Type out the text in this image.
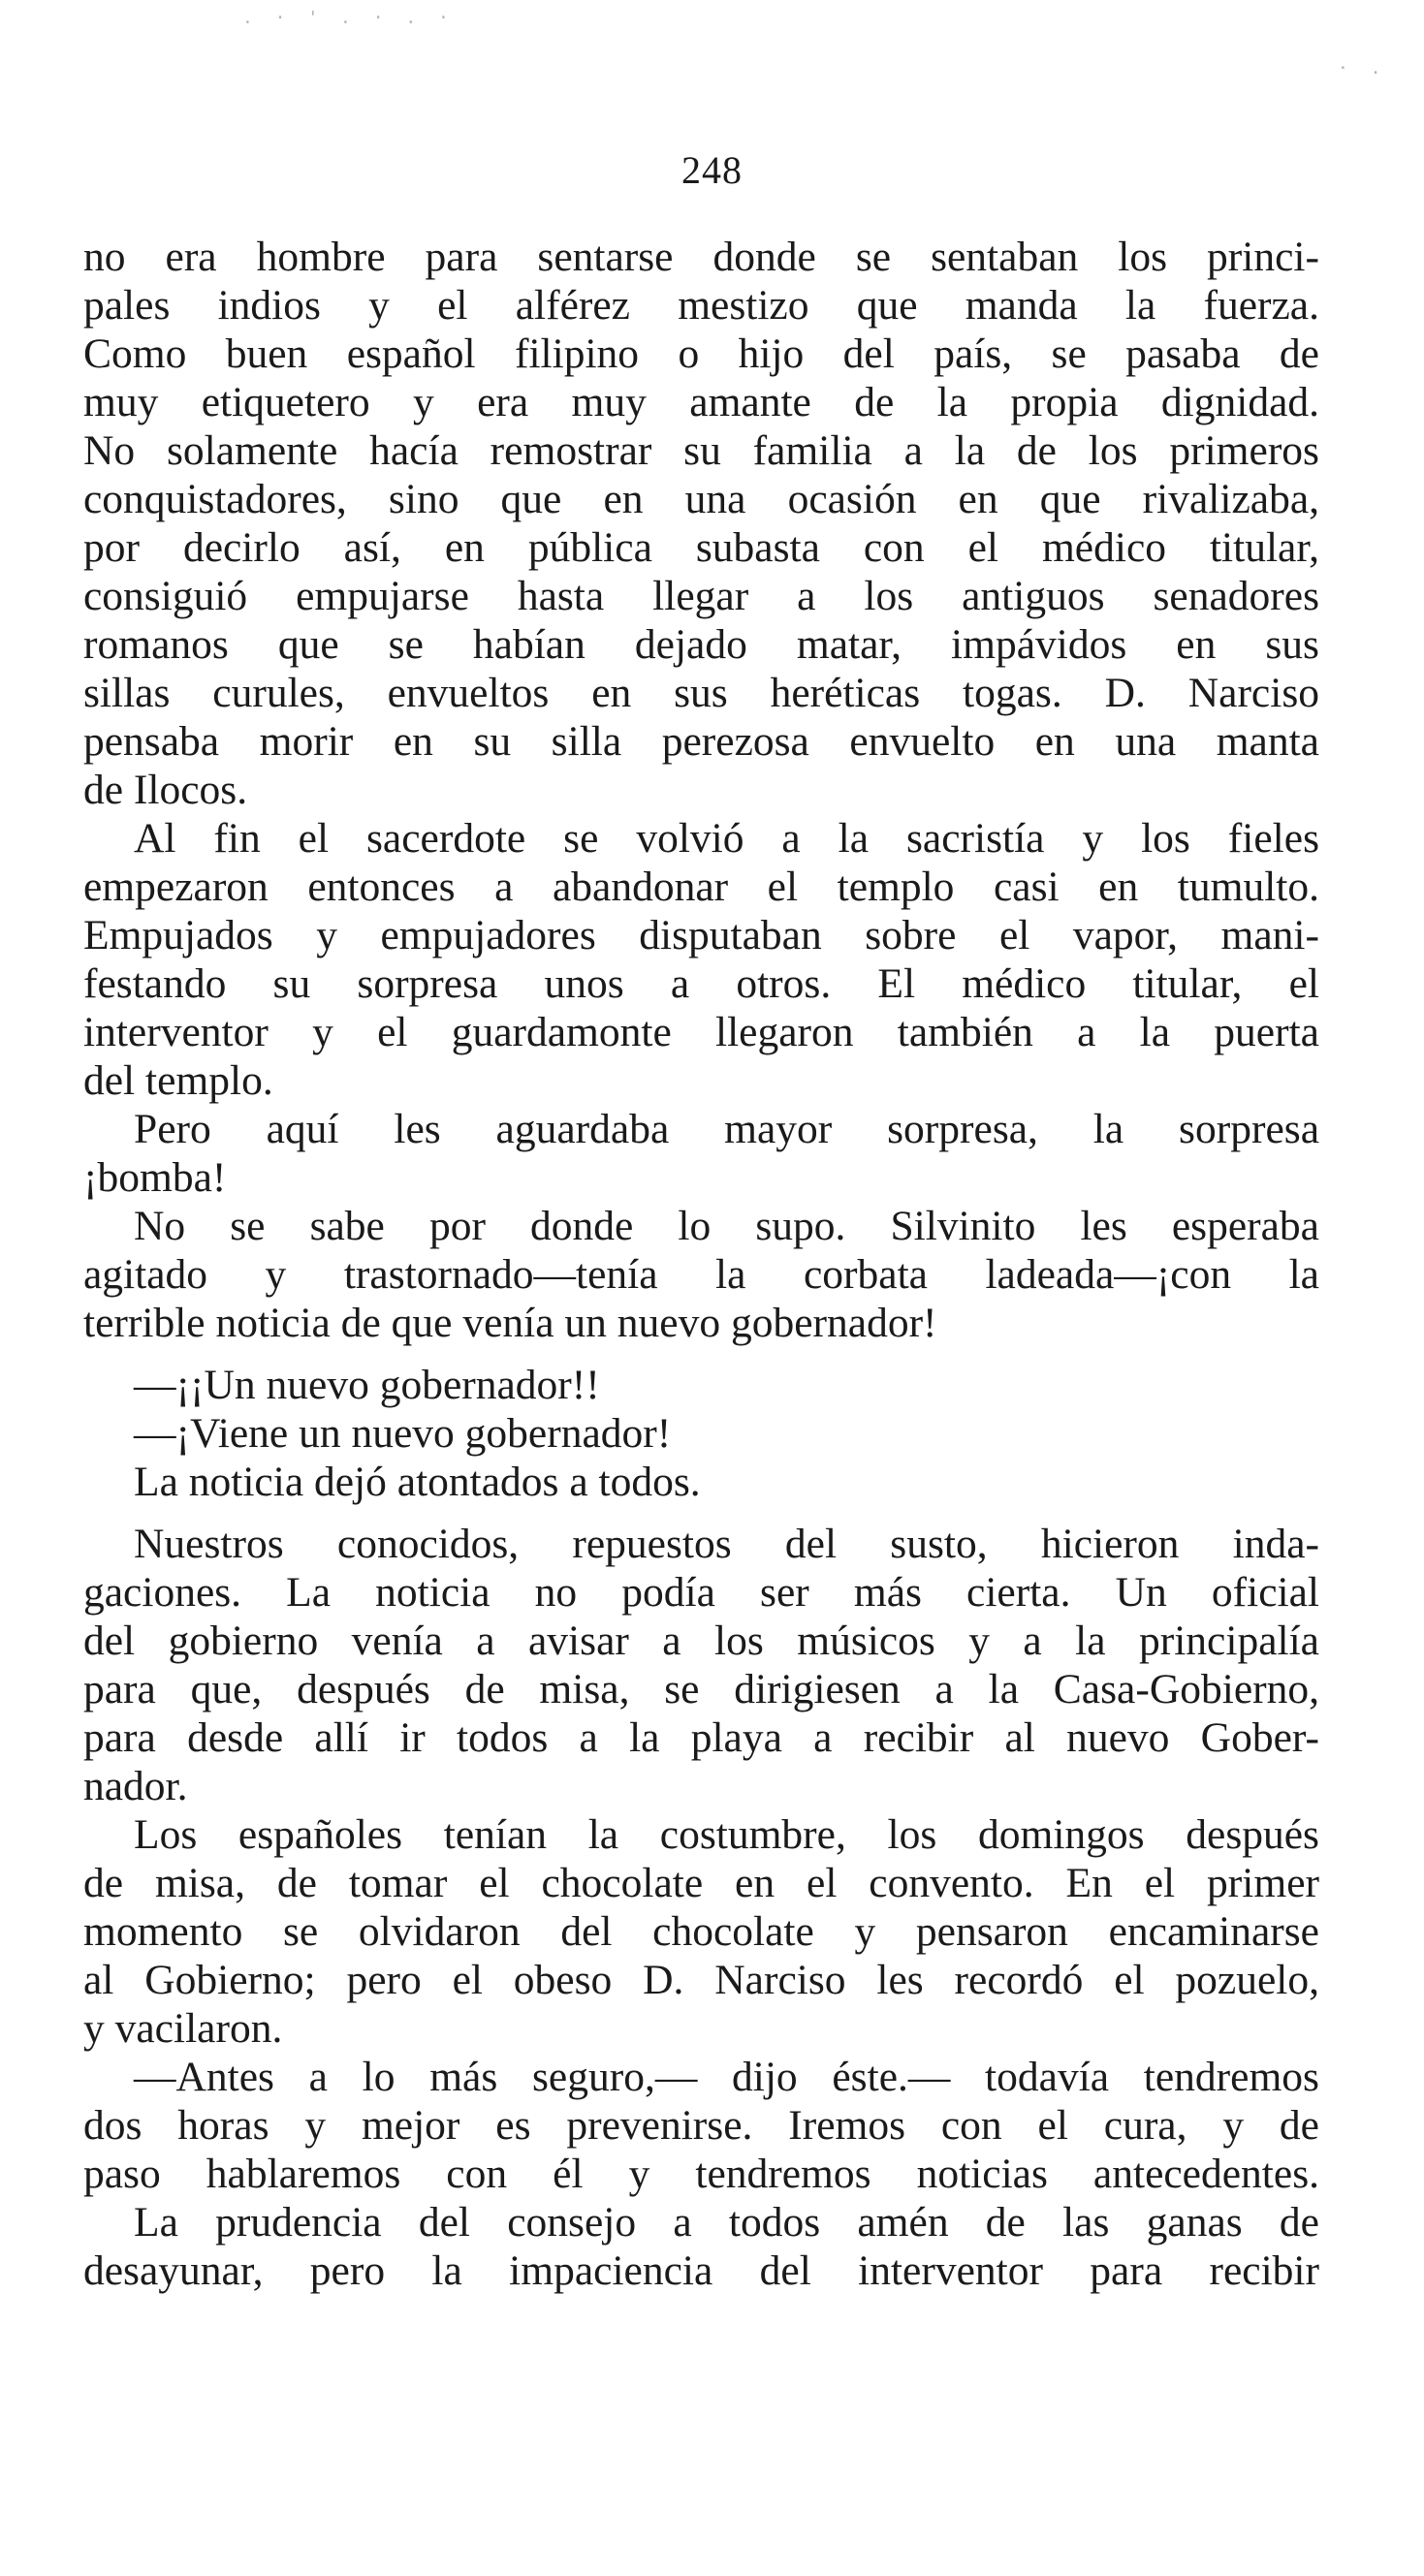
. · ' . · . ·
· .
248
no era hombre para sentarse donde se sentaban los princi-
pales indios y el alférez mestizo que manda la fuerza.
Como buen español filipino o hijo del país, se pasaba de
muy etiquetero y era muy amante de la propia dignidad.
No solamente hacía remostrar su familia a la de los primeros
conquistadores, sino que en una ocasión en que rivalizaba,
por decirlo así, en pública subasta con el médico titular,
consiguió empujarse hasta llegar a los antiguos senadores
romanos que se habían dejado matar, impávidos en sus
sillas curules, envueltos en sus heréticas togas. D. Narciso
pensaba morir en su silla perezosa envuelto en una manta
de Ilocos.
Al fin el sacerdote se volvió a la sacristía y los fieles
empezaron entonces a abandonar el templo casi en tumulto.
Empujados y empujadores disputaban sobre el vapor, mani-
festando su sorpresa unos a otros. El médico titular, el
interventor y el guardamonte llegaron también a la puerta
del templo.
Pero aquí les aguardaba mayor sorpresa, la sorpresa
¡bomba!
No se sabe por donde lo supo. Silvinito les esperaba
agitado y trastornado—tenía la corbata ladeada—¡con la
terrible noticia de que venía un nuevo gobernador!
—¡¡Un nuevo gobernador!!
—¡Viene un nuevo gobernador!
La noticia dejó atontados a todos.
Nuestros conocidos, repuestos del susto, hicieron inda-
gaciones. La noticia no podía ser más cierta. Un oficial
del gobierno venía a avisar a los músicos y a la principalía
para que, después de misa, se dirigiesen a la Casa-Gobierno,
para desde allí ir todos a la playa a recibir al nuevo Gober-
nador.
Los españoles tenían la costumbre, los domingos después
de misa, de tomar el chocolate en el convento. En el primer
momento se olvidaron del chocolate y pensaron encaminarse
al Gobierno; pero el obeso D. Narciso les recordó el pozuelo,
y vacilaron.
—Antes a lo más seguro,— dijo éste.— todavía tendremos
dos horas y mejor es prevenirse. Iremos con el cura, y de
paso hablaremos con él y tendremos noticias antecedentes.
La prudencia del consejo a todos amén de las ganas de
desayunar, pero la impaciencia del interventor para recibir
